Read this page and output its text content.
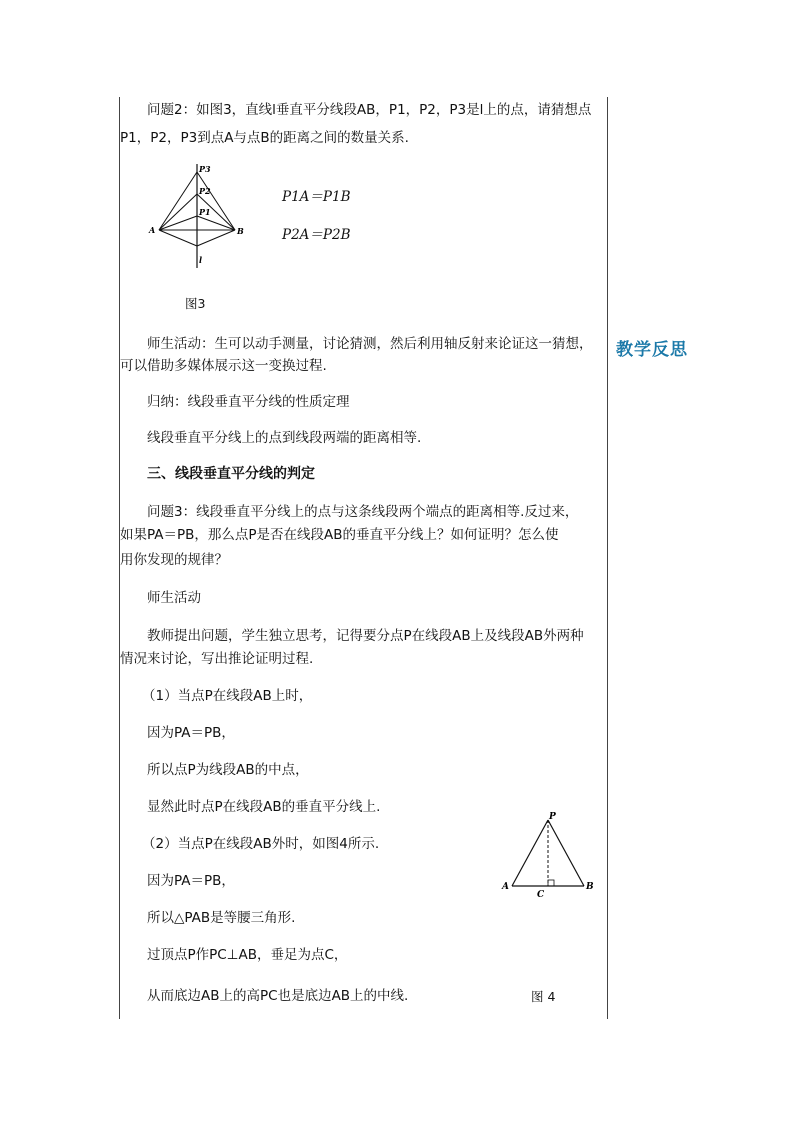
教学反思
问题2：如图3，直线l垂直平分线段AB，P1，P2，P3是l上的点，请猜想点
P1，P2，P3到点A与点B的距离之间的数量关系.
P3
P2
P1
A	B
l
P1A＝P1B
P2A＝P2B
图3
师生活动：生可以动手测量，讨论猜测，然后利用轴反射来论证这一猜想，
可以借助多媒体展示这一变换过程.
归纳：线段垂直平分线的性质定理
线段垂直平分线上的点到线段两端的距离相等.
三、线段垂直平分线的判定
问题3：线段垂直平分线上的点与这条线段两个端点的距离相等.反过来，
如果PA＝PB，那么点P是否在线段AB的垂直平分线上？如何证明？怎么使
用你发现的规律？
师生活动
教师提出问题，学生独立思考，记得要分点P在线段AB上及线段AB外两种
情况来讨论，写出推论证明过程.
（1）当点P在线段AB上时，
因为PA＝PB，
所以点P为线段AB的中点，
显然此时点P在线段AB的垂直平分线上.
（2）当点P在线段AB外时，如图4所示.
因为PA＝PB，
所以△PAB是等腰三角形.
过顶点P作PC⊥AB，垂足为点C，
从而底边AB上的高PC也是底边AB上的中线.
P
A	B
C
图 4
